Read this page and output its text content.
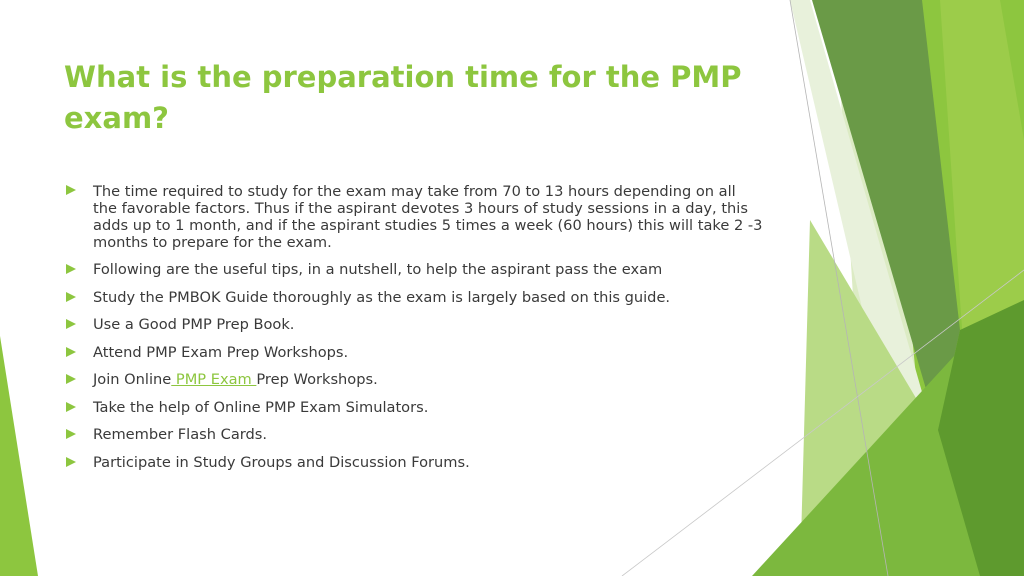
What is the preparation time for the PMP exam?
The time required to study for the exam may take from 70 to 13 hours depending on all the favorable factors. Thus if the aspirant devotes 3 hours of study sessions in a day, this adds up to 1 month, and if the aspirant studies 5 times a week (60 hours) this will take 2 -3 months to prepare for the exam.
Following are the useful tips, in a nutshell, to help the aspirant pass the exam
Study the PMBOK Guide thoroughly as the exam is largely based on this guide.
Use a Good PMP Prep Book.
Attend PMP Exam Prep Workshops.
Join Online PMP Exam Prep Workshops.
Take the help of Online PMP Exam Simulators.
Remember Flash Cards.
Participate in Study Groups and Discussion Forums.
